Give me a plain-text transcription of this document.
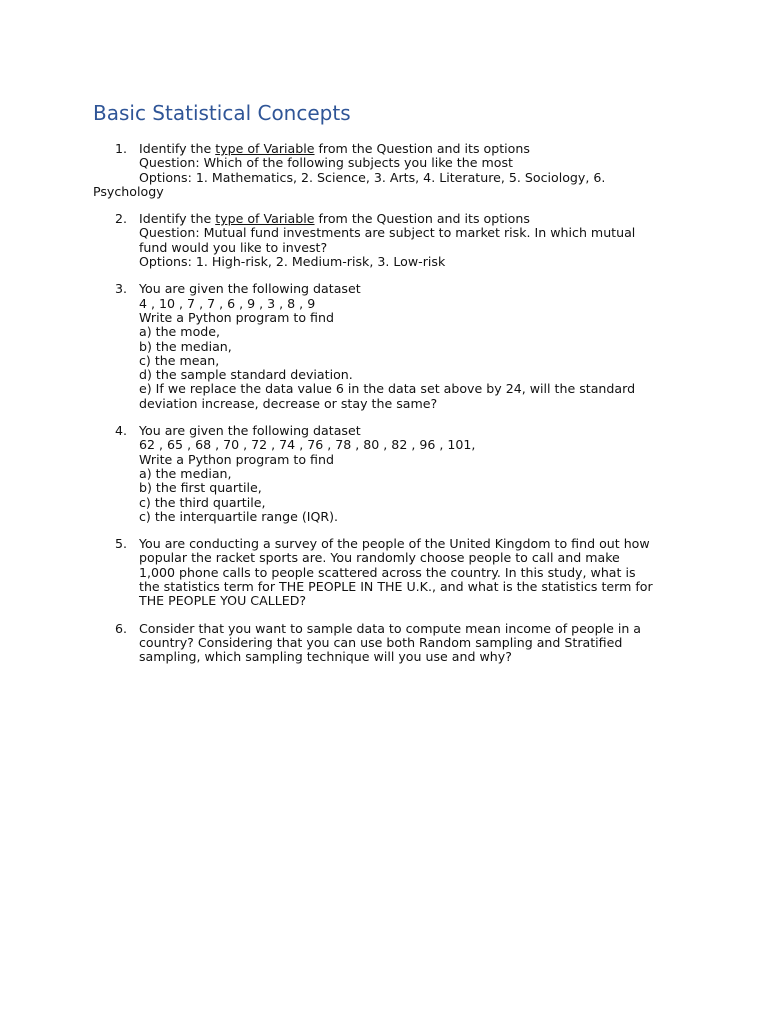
Basic Statistical Concepts
1. Identify the type of Variable from the Question and its options
Question: Which of the following subjects you like the most
Options: 1. Mathematics, 2. Science, 3. Arts, 4. Literature, 5. Sociology, 6.
Psychology
2. Identify the type of Variable from the Question and its options
Question: Mutual fund investments are subject to market risk. In which mutual
fund would you like to invest?
Options: 1. High-risk, 2. Medium-risk, 3. Low-risk
3. You are given the following dataset
4 , 10 , 7 , 7 , 6 , 9 , 3 , 8 , 9
Write a Python program to find
a) the mode,
b) the median,
c) the mean,
d) the sample standard deviation.
e) If we replace the data value 6 in the data set above by 24, will the standard
deviation increase, decrease or stay the same?
4. You are given the following dataset
62 , 65 , 68 , 70 , 72 , 74 , 76 , 78 , 80 , 82 , 96 , 101,
Write a Python program to find
a) the median,
b) the first quartile,
c) the third quartile,
c) the interquartile range (IQR).
5. You are conducting a survey of the people of the United Kingdom to find out how
popular the racket sports are. You randomly choose people to call and make
1,000 phone calls to people scattered across the country. In this study, what is
the statistics term for THE PEOPLE IN THE U.K., and what is the statistics term for
THE PEOPLE YOU CALLED?
6. Consider that you want to sample data to compute mean income of people in a
country? Considering that you can use both Random sampling and Stratified
sampling, which sampling technique will you use and why?
